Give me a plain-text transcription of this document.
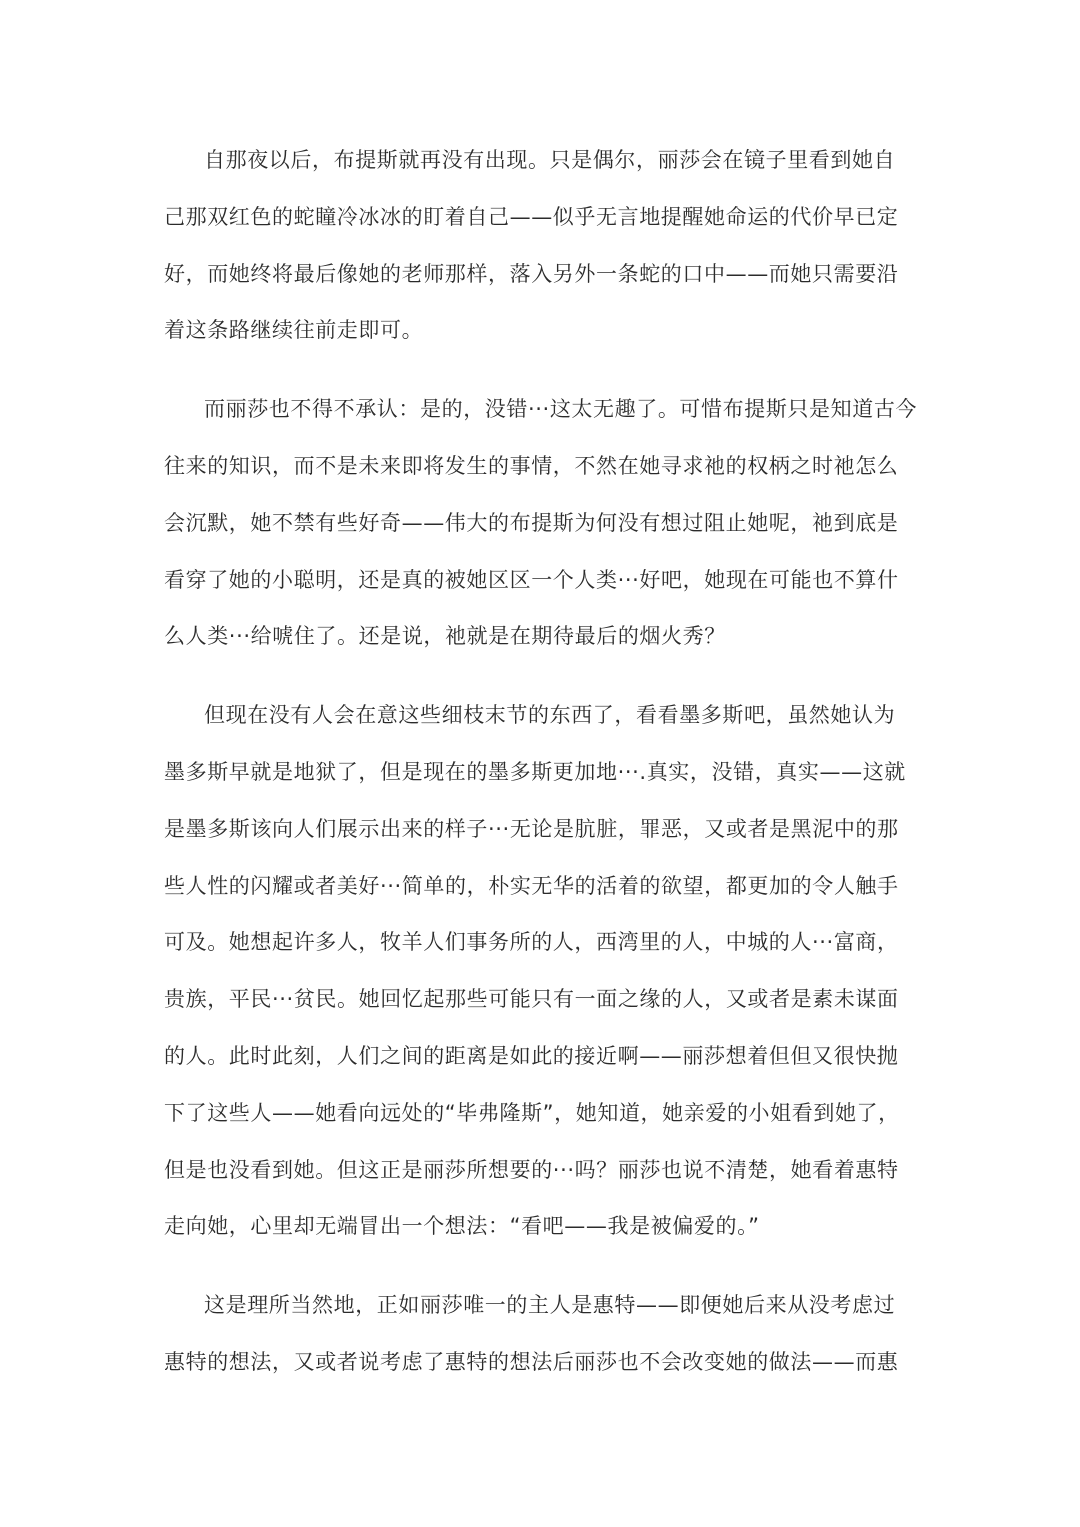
自那夜以后，布提斯就再没有出现。只是偶尔，丽莎会在镜子里看到她自
己那双红色的蛇瞳冷冰冰的盯着自己——似乎无言地提醒她命运的代价早已定
好，而她终将最后像她的老师那样，落入另外一条蛇的口中——而她只需要沿
着这条路继续往前走即可。
而丽莎也不得不承认：是的，没错···这太无趣了。可惜布提斯只是知道古今
往来的知识，而不是未来即将发生的事情，不然在她寻求祂的权柄之时祂怎么
会沉默，她不禁有些好奇——伟大的布提斯为何没有想过阻止她呢，祂到底是
看穿了她的小聪明，还是真的被她区区一个人类···好吧，她现在可能也不算什
么人类···给唬住了。还是说，祂就是在期待最后的烟火秀？
但现在没有人会在意这些细枝末节的东西了，看看墨多斯吧，虽然她认为
墨多斯早就是地狱了，但是现在的墨多斯更加地···.真实，没错，真实——这就
是墨多斯该向人们展示出来的样子···无论是肮脏，罪恶，又或者是黑泥中的那
些人性的闪耀或者美好···简单的，朴实无华的活着的欲望，都更加的令人触手
可及。她想起许多人，牧羊人们事务所的人，西湾里的人，中城的人···富商，
贵族，平民···贫民。她回忆起那些可能只有一面之缘的人，又或者是素未谋面
的人。此时此刻，人们之间的距离是如此的接近啊——丽莎想着但但又很快抛
下了这些人——她看向远处的“毕弗隆斯”，她知道，她亲爱的小姐看到她了，
但是也没看到她。但这正是丽莎所想要的···吗？丽莎也说不清楚，她看着惠特
走向她，心里却无端冒出一个想法：“看吧——我是被偏爱的。”
这是理所当然地，正如丽莎唯一的主人是惠特——即便她后来从没考虑过
惠特的想法，又或者说考虑了惠特的想法后丽莎也不会改变她的做法——而惠
